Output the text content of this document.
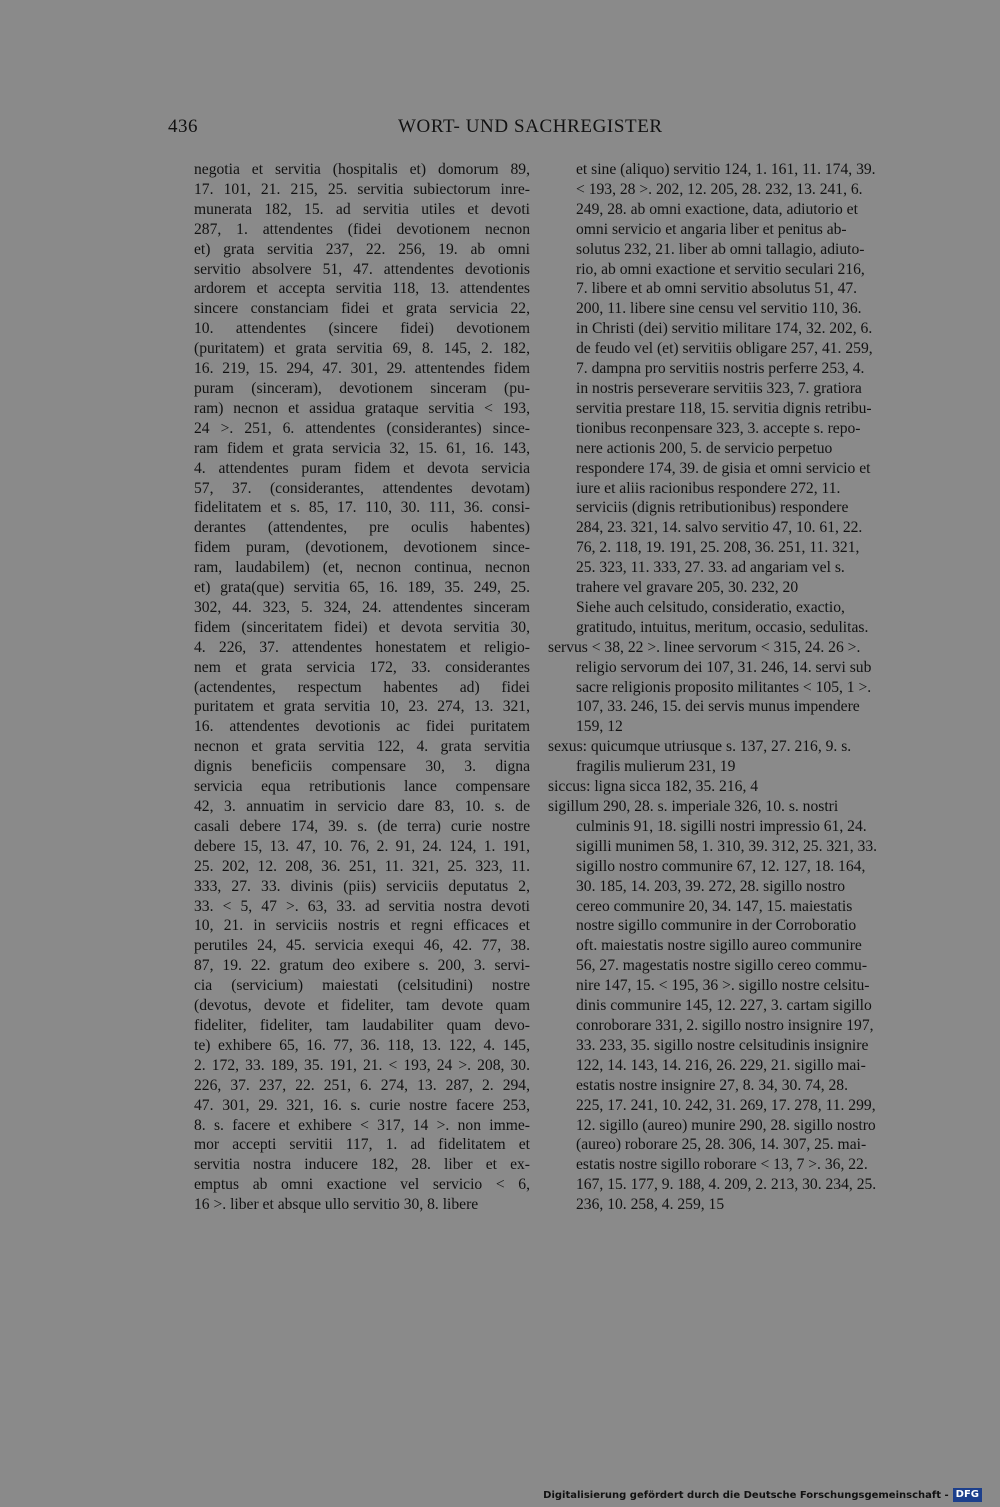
436	WORT- UND SACHREGISTER
negotia et servitia (hospitalis et) domorum 89,
17. 101, 21. 215, 25. servitia subiectorum inre-
munerata 182, 15. ad servitia utiles et devoti
287, 1. attendentes (fidei devotionem necnon
et) grata servitia 237, 22. 256, 19. ab omni
servitio absolvere 51, 47. attendentes devotionis
ardorem et accepta servitia 118, 13. attendentes
sincere constanciam fidei et grata servicia 22,
10. attendentes (sincere fidei) devotionem
(puritatem) et grata servitia 69, 8. 145, 2. 182,
16. 219, 15. 294, 47. 301, 29. attentendes fidem
puram (sinceram), devotionem sinceram (pu-
ram) necnon et assidua grataque servitia < 193,
24 >. 251, 6. attendentes (considerantes) since-
ram fidem et grata servicia 32, 15. 61, 16. 143,
4. attendentes puram fidem et devota servicia
57, 37. (considerantes, attendentes devotam)
fidelitatem et s. 85, 17. 110, 30. 111, 36. consi-
derantes (attendentes, pre oculis habentes)
fidem puram, (devotionem, devotionem since-
ram, laudabilem) (et, necnon continua, necnon
et) grata(que) servitia 65, 16. 189, 35. 249, 25.
302, 44. 323, 5. 324, 24. attendentes sinceram
fidem (sinceritatem fidei) et devota servitia 30,
4. 226, 37. attendentes honestatem et religio-
nem et grata servicia 172, 33. considerantes
(actendentes, respectum habentes ad) fidei
puritatem et grata servitia 10, 23. 274, 13. 321,
16. attendentes devotionis ac fidei puritatem
necnon et grata servitia 122, 4. grata servitia
dignis beneficiis compensare 30, 3. digna
servicia equa retributionis lance compensare
42, 3. annuatim in servicio dare 83, 10. s. de
casali debere 174, 39. s. (de terra) curie nostre
debere 15, 13. 47, 10. 76, 2. 91, 24. 124, 1. 191,
25. 202, 12. 208, 36. 251, 11. 321, 25. 323, 11.
333, 27. 33. divinis (piis) serviciis deputatus 2,
33. < 5, 47 >. 63, 33. ad servitia nostra devoti
10, 21. in serviciis nostris et regni efficaces et
perutiles 24, 45. servicia exequi 46, 42. 77, 38.
87, 19. 22. gratum deo exibere s. 200, 3. servi-
cia (servicium) maiestati (celsitudini) nostre
(devotus, devote et fideliter, tam devote quam
fideliter, fideliter, tam laudabiliter quam devo-
te) exhibere 65, 16. 77, 36. 118, 13. 122, 4. 145,
2. 172, 33. 189, 35. 191, 21. < 193, 24 >. 208, 30.
226, 37. 237, 22. 251, 6. 274, 13. 287, 2. 294,
47. 301, 29. 321, 16. s. curie nostre facere 253,
8. s. facere et exhibere < 317, 14 >. non imme-
mor accepti servitii 117, 1. ad fidelitatem et
servitia nostra inducere 182, 28. liber et ex-
emptus ab omni exactione vel servicio < 6,
16 >. liber et absque ullo servitio 30, 8. libere
et sine (aliquo) servitio 124, 1. 161, 11. 174, 39.
< 193, 28 >. 202, 12. 205, 28. 232, 13. 241, 6.
249, 28. ab omni exactione, data, adiutorio et
omni servicio et angaria liber et penitus ab-
solutus 232, 21. liber ab omni tallagio, adiuto-
rio, ab omni exactione et servitio seculari 216,
7. libere et ab omni servitio absolutus 51, 47.
200, 11. libere sine censu vel servitio 110, 36.
in Christi (dei) servitio militare 174, 32. 202, 6.
de feudo vel (et) servitiis obligare 257, 41. 259,
7. dampna pro servitiis nostris perferre 253, 4.
in nostris perseverare servitiis 323, 7. gratiora
servitia prestare 118, 15. servitia dignis retribu-
tionibus reconpensare 323, 3. accepte s. repo-
nere actionis 200, 5. de servicio perpetuo
respondere 174, 39. de gisia et omni servicio et
iure et aliis racionibus respondere 272, 11.
serviciis (dignis retributionibus) respondere
284, 23. 321, 14. salvo servitio 47, 10. 61, 22.
76, 2. 118, 19. 191, 25. 208, 36. 251, 11. 321,
25. 323, 11. 333, 27. 33. ad angariam vel s.
trahere vel gravare 205, 30. 232, 20
Siehe auch celsitudo, consideratio, exactio,
gratitudo, intuitus, meritum, occasio, sedulitas.
servus < 38, 22 >. linee servorum < 315, 24. 26 >.
religio servorum dei 107, 31. 246, 14. servi sub
sacre religionis proposito militantes < 105, 1 >.
107, 33. 246, 15. dei servis munus impendere
159, 12
sexus: quicumque utriusque s. 137, 27. 216, 9. s.
fragilis mulierum 231, 19
siccus: ligna sicca 182, 35. 216, 4
sigillum 290, 28. s. imperiale 326, 10. s. nostri
culminis 91, 18. sigilli nostri impressio 61, 24.
sigilli munimen 58, 1. 310, 39. 312, 25. 321, 33.
sigillo nostro communire 67, 12. 127, 18. 164,
30. 185, 14. 203, 39. 272, 28. sigillo nostro
cereo communire 20, 34. 147, 15. maiestatis
nostre sigillo communire in der Corroboratio
oft. maiestatis nostre sigillo aureo communire
56, 27. magestatis nostre sigillo cereo commu-
nire 147, 15. < 195, 36 >. sigillo nostre celsitu-
dinis communire 145, 12. 227, 3. cartam sigillo
conroborare 331, 2. sigillo nostro insignire 197,
33. 233, 35. sigillo nostre celsitudinis insignire
122, 14. 143, 14. 216, 26. 229, 21. sigillo mai-
estatis nostre insignire 27, 8. 34, 30. 74, 28.
225, 17. 241, 10. 242, 31. 269, 17. 278, 11. 299,
12. sigillo (aureo) munire 290, 28. sigillo nostro
(aureo) roborare 25, 28. 306, 14. 307, 25. mai-
estatis nostre sigillo roborare < 13, 7 >. 36, 22.
167, 15. 177, 9. 188, 4. 209, 2. 213, 30. 234, 25.
236, 10. 258, 4. 259, 15
Digitalisierung gefördert durch die Deutsche Forschungsgemeinschaft - DFG
